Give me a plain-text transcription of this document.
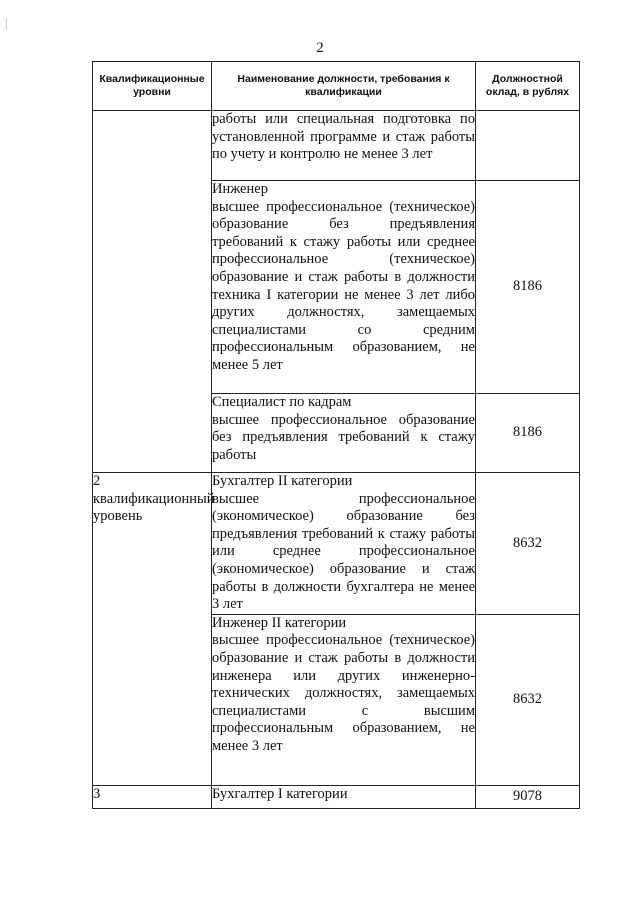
2
Квалификационные уровни	Наименование должности, требования к квалификации	Должностной оклад, в рублях

	работы или специальная подготовка по установленной программе и стаж работы по учету и контролю не менее 3 лет	

	Инженер
высшее профессиональное (техническое) образование без предъявления требований к стажу работы или среднее профессиональное (техническое) образование и стаж работы в должности техника I категории не менее 3 лет либо других должностях, замещаемых специалистами со средним профессиональным образованием, не менее 5 лет	8186

	Специалист по кадрам
высшее профессиональное образование без предъявления требований к стажу работы	8186
2 квалификационный уровень	Бухгалтер II категории
высшее профессиональное (экономическое) образование без предъявления требований к стажу работы или среднее профессиональное (экономическое) образование и стаж работы в должности бухгалтера не менее 3 лет	8632

	Инженер II категории
высшее профессиональное (техническое) образование и стаж работы в должности инженера или других инженерно-технических должностях, замещаемых специалистами с высшим профессиональным образованием, не менее 3 лет	8632
3	Бухгалтер I категории	9078
